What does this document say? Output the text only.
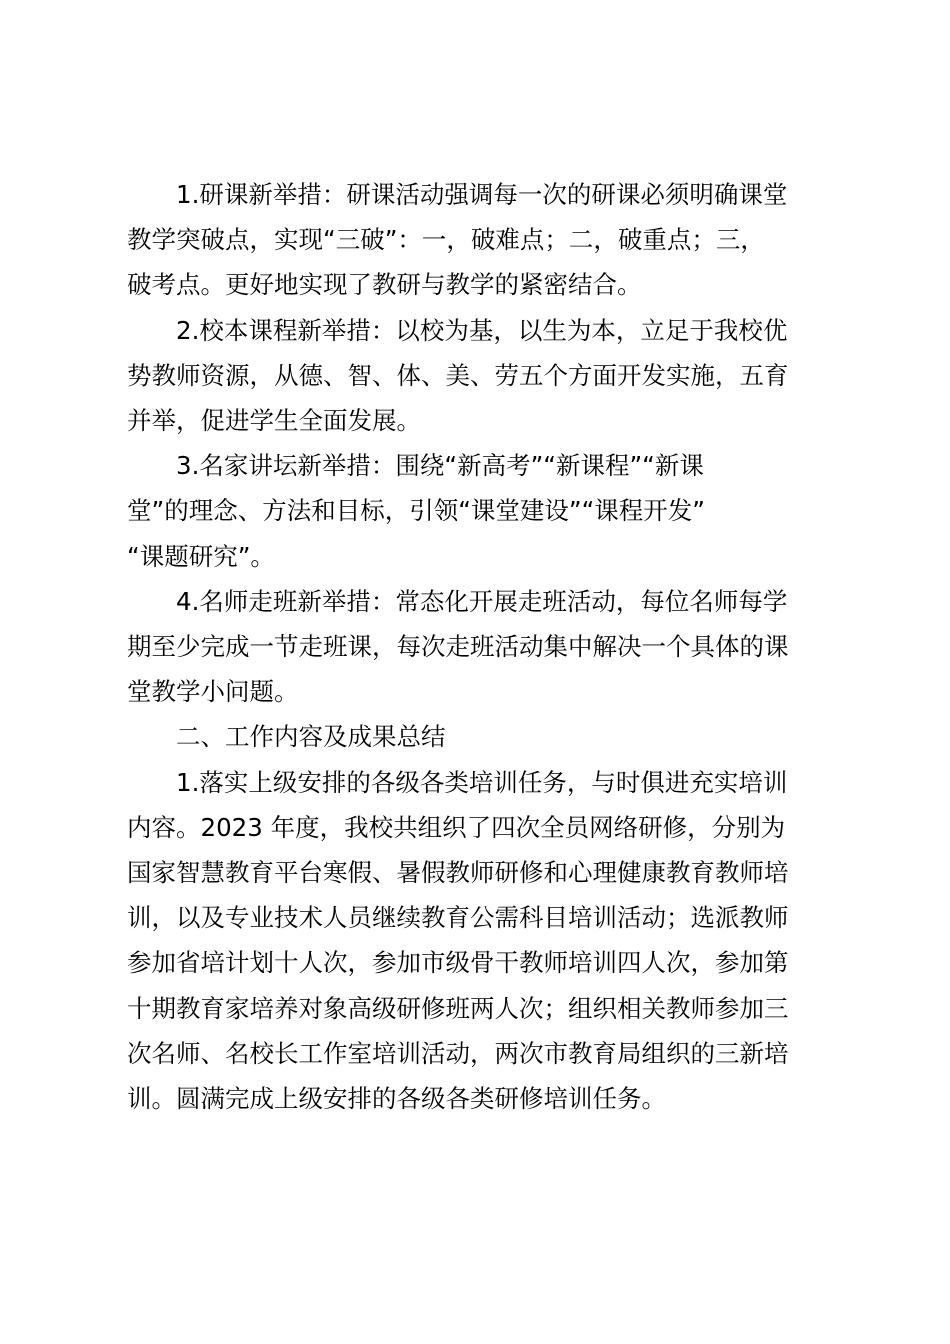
1.研课新举措：研课活动强调每一次的研课必须明确课堂
教学突破点，实现“三破”：一，破难点；二，破重点；三，
破考点。更好地实现了教研与教学的紧密结合。

2.校本课程新举措：以校为基，以生为本，立足于我校优
势教师资源，从德、智、体、美、劳五个方面开发实施，五育
并举，促进学生全面发展。

3.名家讲坛新举措：围绕“新高考”“新课程”“新课
堂”的理念、方法和目标，引领“课堂建设”“课程开发”
“课题研究”。

4.名师走班新举措：常态化开展走班活动，每位名师每学
期至少完成一节走班课，每次走班活动集中解决一个具体的课
堂教学小问题。

二、工作内容及成果总结

1.落实上级安排的各级各类培训任务，与时俱进充实培训
内容。2023 年度，我校共组织了四次全员网络研修，分别为
国家智慧教育平台寒假、暑假教师研修和心理健康教育教师培
训，以及专业技术人员继续教育公需科目培训活动；选派教师
参加省培计划十人次，参加市级骨干教师培训四人次，参加第
十期教育家培养对象高级研修班两人次；组织相关教师参加三
次名师、名校长工作室培训活动，两次市教育局组织的三新培
训。圆满完成上级安排的各级各类研修培训任务。
